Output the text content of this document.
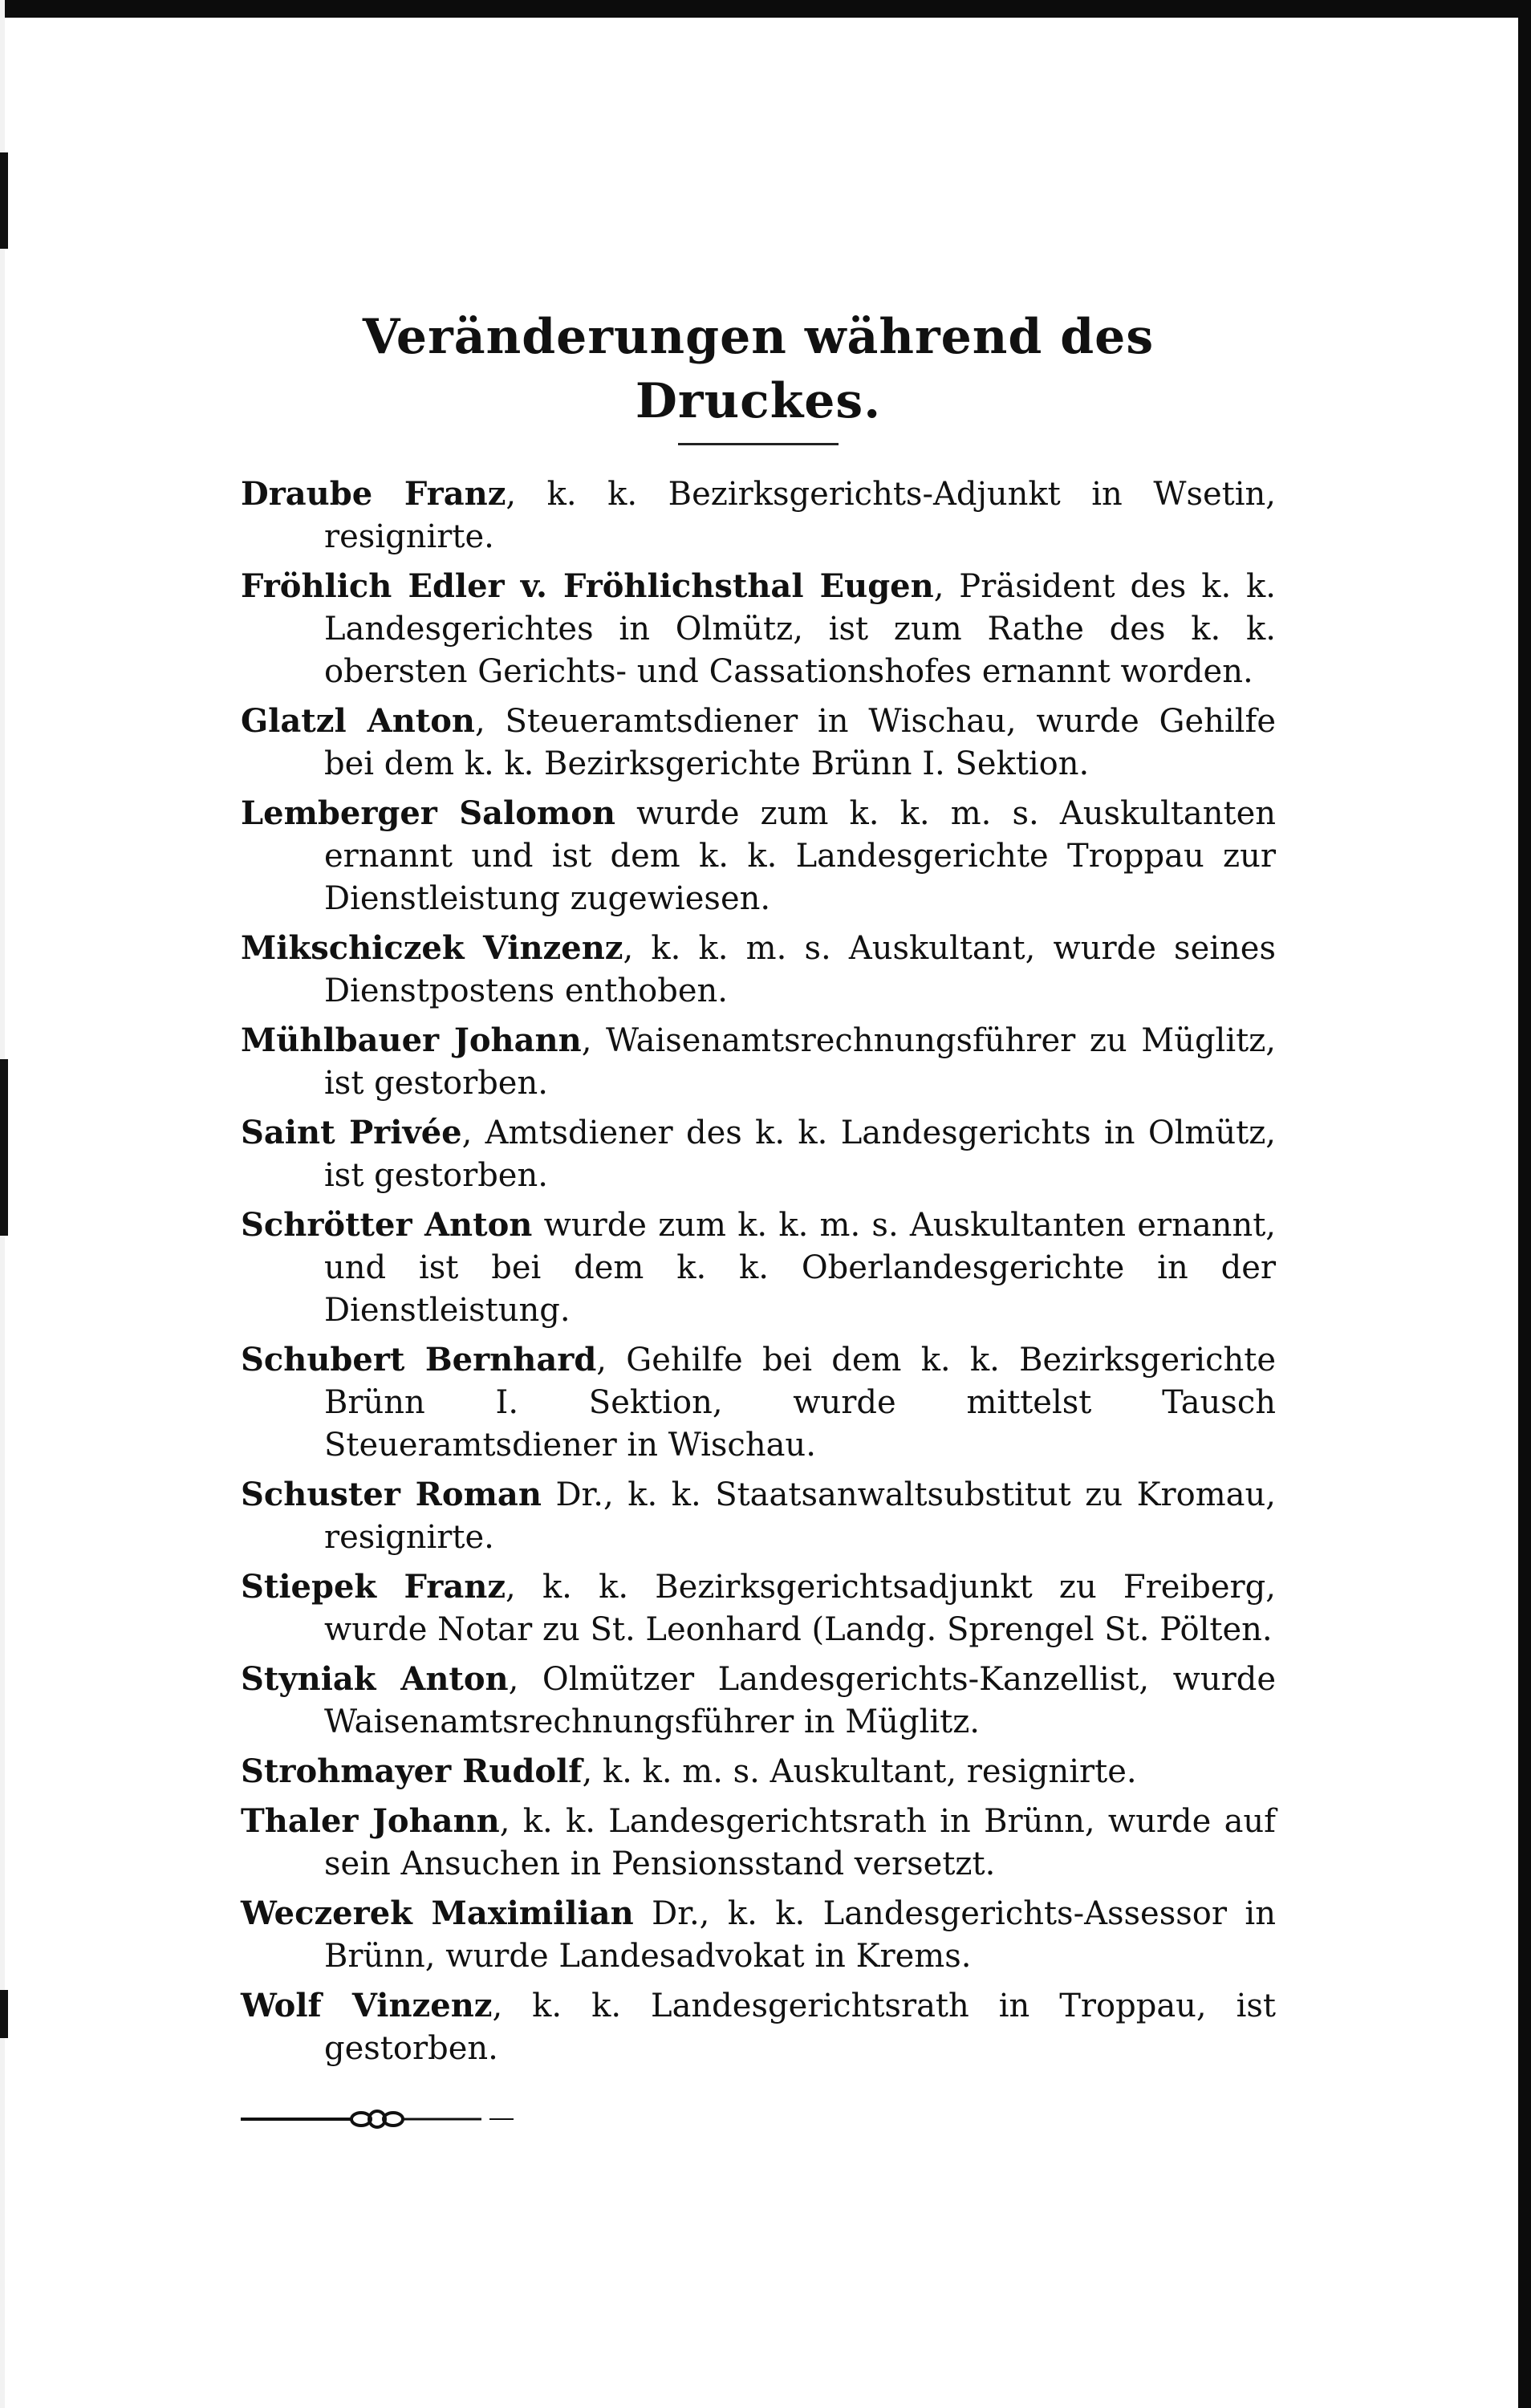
Veränderungen während des Druckes.

Draube Franz, k. k. Bezirksgerichts-Adjunkt in Wsetin, resignirte.

Fröhlich Edler v. Fröhlichsthal Eugen, Präsident des k. k. Landesgerichtes in Olmütz, ist zum Rathe des k. k. obersten Gerichts- und Cassationshofes ernannt worden.

Glatzl Anton, Steueramtsdiener in Wischau, wurde Gehilfe bei dem k. k. Bezirksgerichte Brünn I. Sektion.

Lemberger Salomon wurde zum k. k. m. s. Auskultanten ernannt und ist dem k. k. Landesgerichte Troppau zur Dienstleistung zugewiesen.

Mikschiczek Vinzenz, k. k. m. s. Auskultant, wurde seines Dienstpostens enthoben.

Mühlbauer Johann, Waisenamtsrechnungsführer zu Müglitz, ist gestorben.

Saint Privée, Amtsdiener des k. k. Landesgerichts in Olmütz, ist gestorben.

Schrötter Anton wurde zum k. k. m. s. Auskultanten ernannt, und ist bei dem k. k. Oberlandesgerichte in der Dienstleistung.

Schubert Bernhard, Gehilfe bei dem k. k. Bezirksgerichte Brünn I. Sektion, wurde mittelst Tausch Steueramtsdiener in Wischau.

Schuster Roman Dr., k. k. Staatsanwaltsubstitut zu Kromau, resignirte.

Stiepek Franz, k. k. Bezirksgerichtsadjunkt zu Freiberg, wurde Notar zu St. Leonhard (Landg. Sprengel St. Pölten.

Styniak Anton, Olmützer Landesgerichts-Kanzellist, wurde Waisenamtsrechnungsführer in Müglitz.

Strohmayer Rudolf, k. k. m. s. Auskultant, resignirte.

Thaler Johann, k. k. Landesgerichtsrath in Brünn, wurde auf sein Ansuchen in Pensionsstand versetzt.

Weczerek Maximilian Dr., k. k. Landesgerichts-Assessor in Brünn, wurde Landesadvokat in Krems.

Wolf Vinzenz, k. k. Landesgerichtsrath in Troppau, ist gestorben.
